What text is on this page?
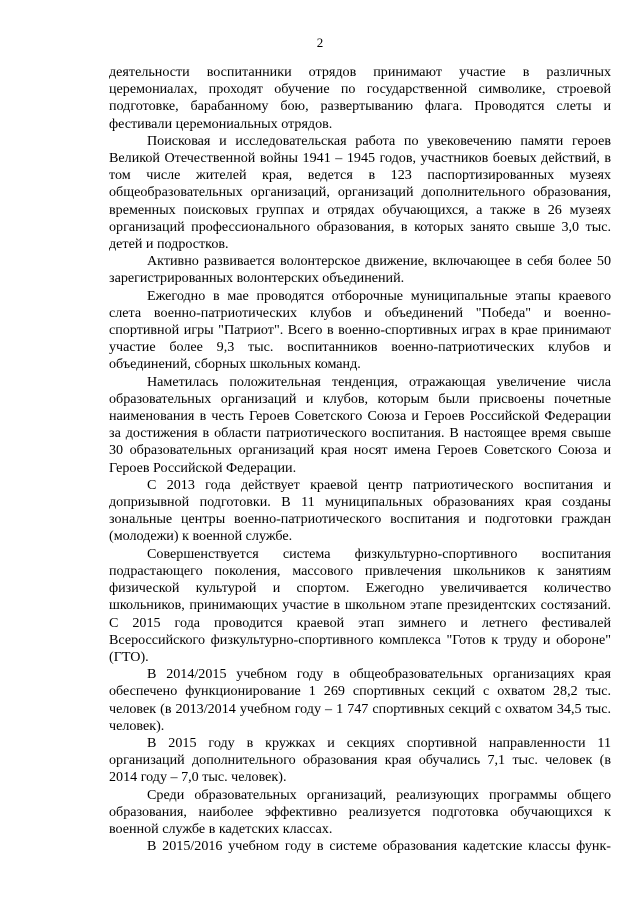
2

деятельности воспитанники отрядов принимают участие в различных церемониалах, проходят обучение по государственной символике, строевой подготовке, барабанному бою, развертыванию флага. Проводятся слеты и фестивали церемониальных отрядов.

Поисковая и исследовательская работа по увековечению памяти героев Великой Отечественной войны 1941 – 1945 годов, участников боевых действий, в том числе жителей края, ведется в 123 паспортизированных музеях общеобразовательных организаций, организаций дополнительного образования, временных поисковых группах и отрядах обучающихся, а также в 26 музеях организаций профессионального образования, в которых занято свыше 3,0 тыс. детей и подростков.

Активно развивается волонтерское движение, включающее в себя более 50 зарегистрированных волонтерских объединений.

Ежегодно в мае проводятся отборочные муниципальные этапы краевого слета военно-патриотических клубов и объединений "Победа" и военно-спортивной игры "Патриот". Всего в военно-спортивных играх в крае принимают участие более 9,3 тыс. воспитанников военно-патриотических клубов и объединений, сборных школьных команд.

Наметилась положительная тенденция, отражающая увеличение числа образовательных организаций и клубов, которым были присвоены почетные наименования в честь Героев Советского Союза и Героев Российской Федерации за достижения в области патриотического воспитания. В настоящее время свыше 30 образовательных организаций края носят имена Героев Советского Союза и Героев Российской Федерации.

С 2013 года действует краевой центр патриотического воспитания и допризывной подготовки. В 11 муниципальных образованиях края созданы зональные центры военно-патриотического воспитания и подготовки граждан (молодежи) к военной службе.

Совершенствуется система физкультурно-спортивного воспитания подрастающего поколения, массового привлечения школьников к занятиям физической культурой и спортом. Ежегодно увеличивается количество школьников, принимающих участие в школьном этапе президентских состязаний. С 2015 года проводится краевой этап зимнего и летнего фестивалей Всероссийского физкультурно-спортивного комплекса "Готов к труду и обороне" (ГТО).

В 2014/2015 учебном году в общеобразовательных организациях края обеспечено функционирование 1 269 спортивных секций с охватом 28,2 тыс. человек (в 2013/2014 учебном году – 1 747 спортивных секций с охватом 34,5 тыс. человек).

В 2015 году в кружках и секциях спортивной направленности 11 организаций дополнительного образования края обучались 7,1 тыс. человек (в 2014 году – 7,0 тыс. человек).

Среди образовательных организаций, реализующих программы общего образования, наиболее эффективно реализуется подготовка обучающихся к военной службе в кадетских классах.

В 2015/2016 учебном году в системе образования кадетские классы функ-
